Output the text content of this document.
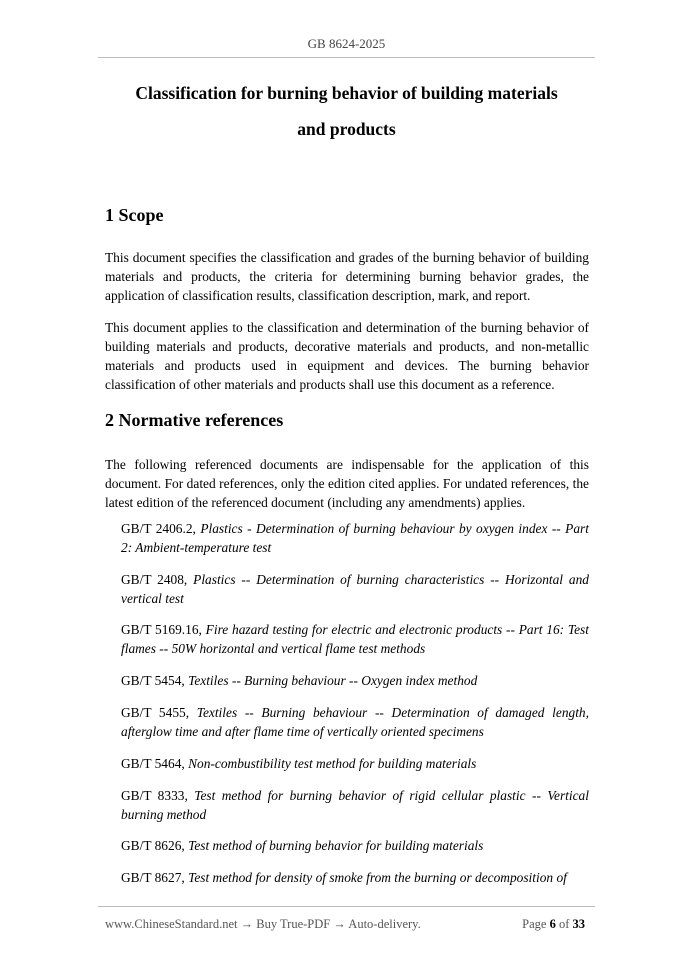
GB 8624-2025
Classification for burning behavior of building materials
and products
1 Scope

This document specifies the classification and grades of the burning behavior of building materials and products, the criteria for determining burning behavior grades, the application of classification results, classification description, mark, and report.

This document applies to the classification and determination of the burning behavior of building materials and products, decorative materials and products, and non-metallic materials and products used in equipment and devices. The burning behavior classification of other materials and products shall use this document as a reference.

2 Normative references

The following referenced documents are indispensable for the application of this document. For dated references, only the edition cited applies. For undated references, the latest edition of the referenced document (including any amendments) applies.

GB/T 2406.2, Plastics - Determination of burning behaviour by oxygen index -- Part 2: Ambient-temperature test

GB/T 2408, Plastics -- Determination of burning characteristics -- Horizontal and vertical test

GB/T 5169.16, Fire hazard testing for electric and electronic products -- Part 16: Test flames -- 50W horizontal and vertical flame test methods

GB/T 5454, Textiles -- Burning behaviour -- Oxygen index method

GB/T 5455, Textiles -- Burning behaviour -- Determination of damaged length, afterglow time and after flame time of vertically oriented specimens

GB/T 5464, Non-combustibility test method for building materials

GB/T 8333, Test method for burning behavior of rigid cellular plastic -- Vertical burning method

GB/T 8626, Test method of burning behavior for building materials

GB/T 8627, Test method for density of smoke from the burning or decomposition of

www.ChineseStandard.net → Buy True-PDF → Auto-delivery.	Page 6 of 33
